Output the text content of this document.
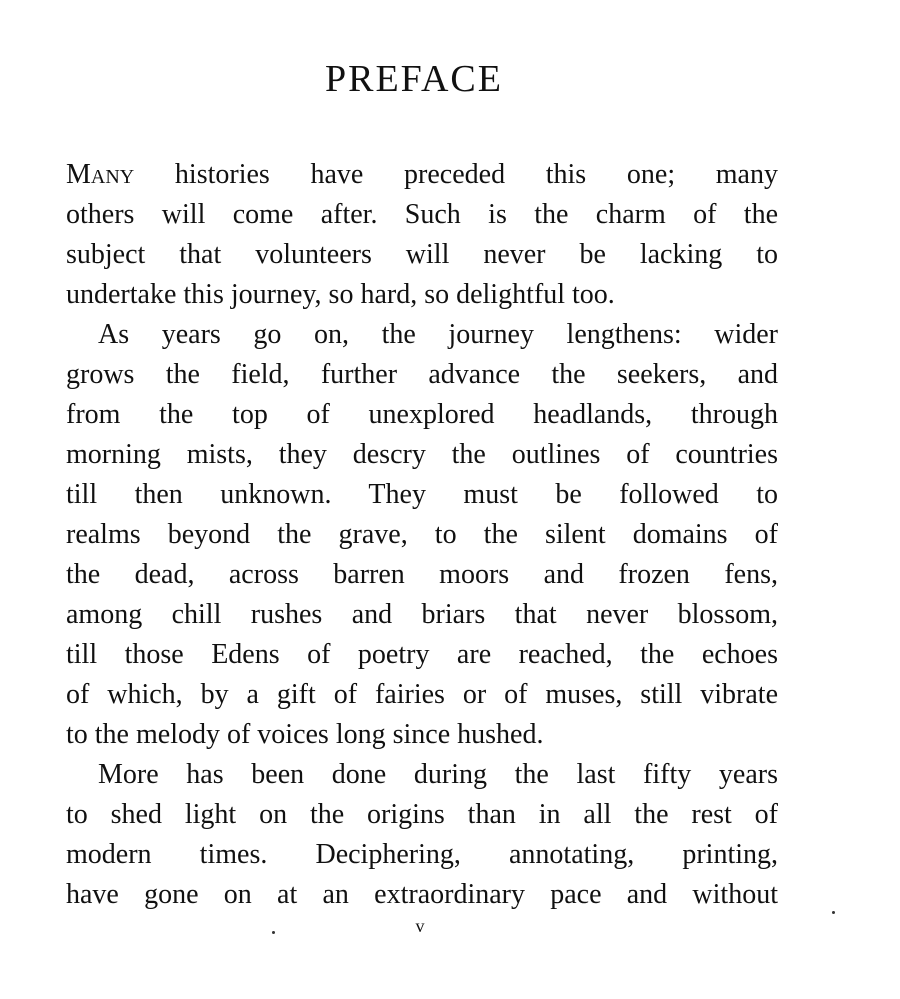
PREFACE
Many histories have preceded this one; many
others will come after. Such is the charm of the
subject that volunteers will never be lacking to
undertake this journey, so hard, so delightful too.
As years go on, the journey lengthens: wider
grows the field, further advance the seekers, and
from the top of unexplored headlands, through
morning mists, they descry the outlines of countries
till then unknown. They must be followed to
realms beyond the grave, to the silent domains of
the dead, across barren moors and frozen fens,
among chill rushes and briars that never blossom,
till those Edens of poetry are reached, the echoes
of which, by a gift of fairies or of muses, still vibrate
to the melody of voices long since hushed.
More has been done during the last fifty years
to shed light on the origins than in all the rest of
modern times. Deciphering, annotating, printing,
have gone on at an extraordinary pace and without
v
